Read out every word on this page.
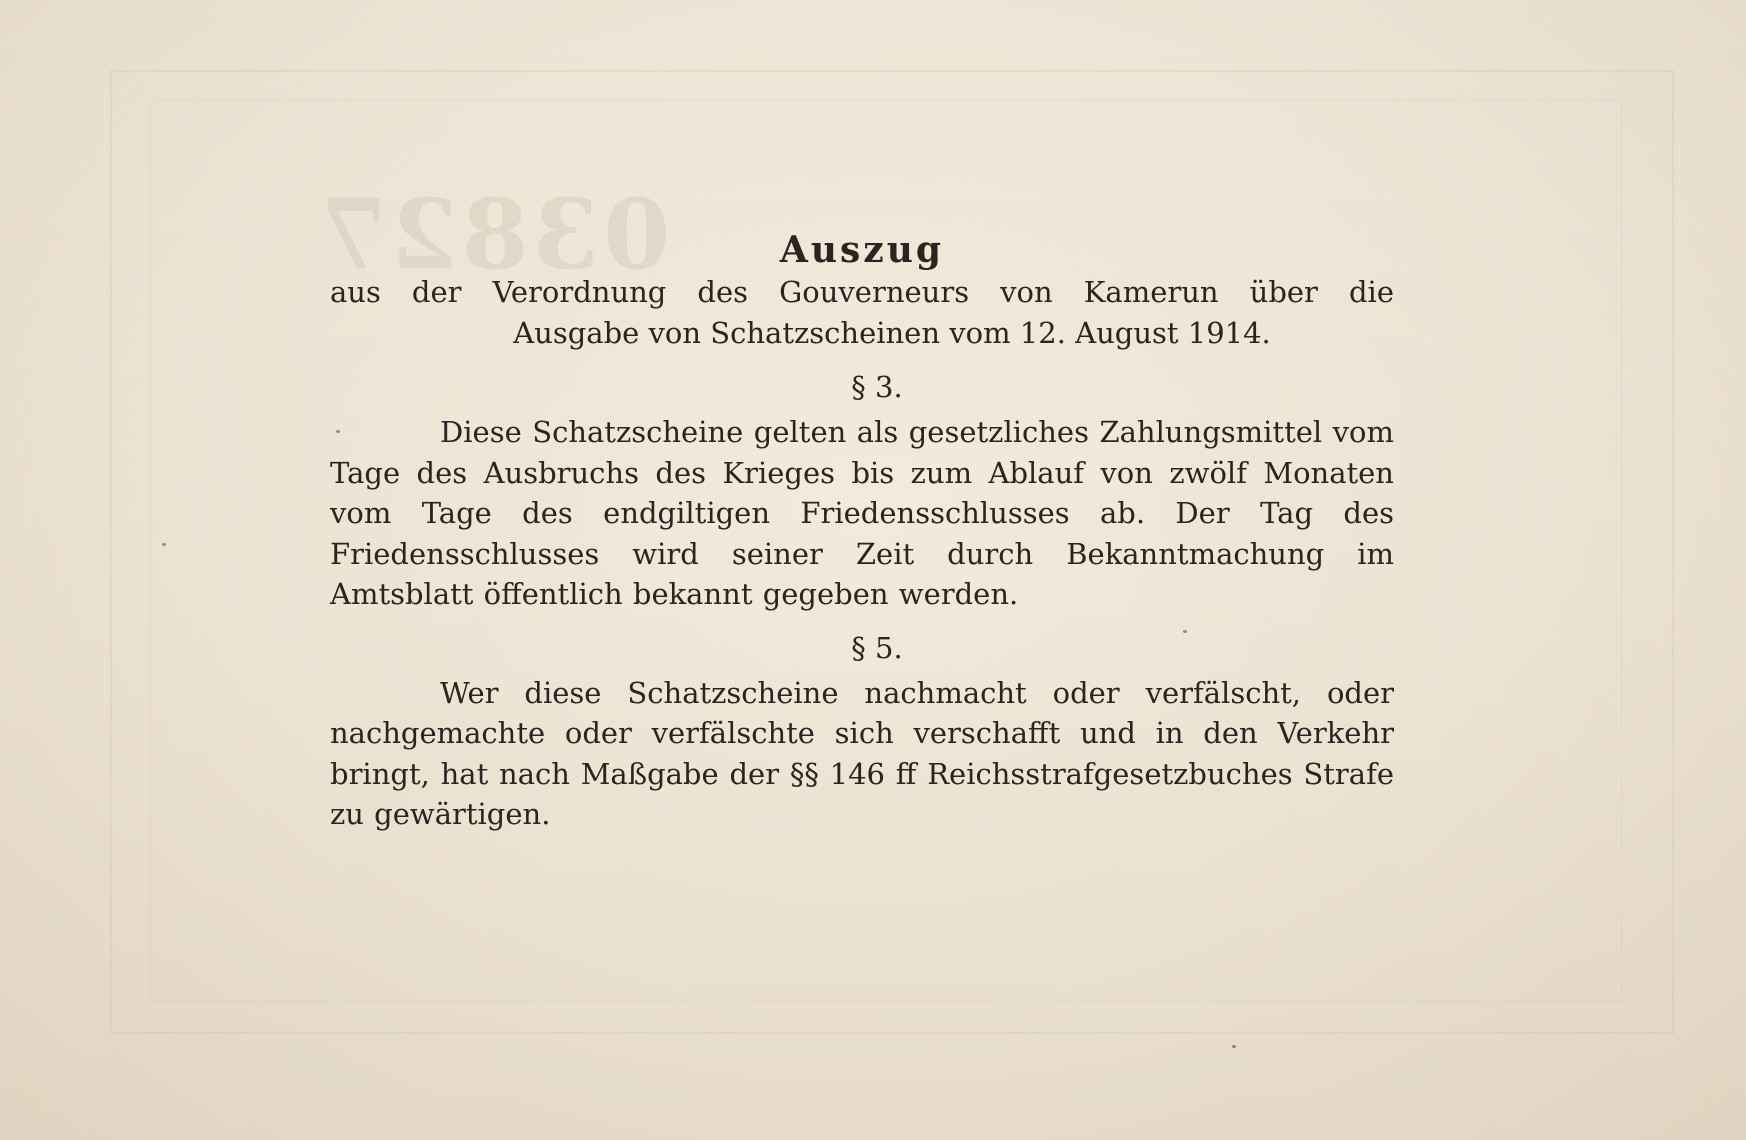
03827	Auszug

aus der Verordnung des Gouverneurs von Kamerun über die
Ausgabe von Schatzscheinen vom 12. August 1914.

§ 3.

Diese Schatzscheine gelten als gesetzliches Zahlungsmittel vom Tage des Ausbruchs des Krieges bis zum Ablauf von zwölf Monaten vom Tage des endgiltigen Friedensschlusses ab. Der Tag des Friedensschlusses wird seiner Zeit durch Bekanntmachung im Amtsblatt öffentlich bekannt gegeben werden.

§ 5.

Wer diese Schatzscheine nachmacht oder verfälscht, oder nachgemachte oder verfälschte sich verschafft und in den Verkehr bringt, hat nach Maßgabe der §§ 146 ff Reichsstrafgesetzbuches Strafe zu gewärtigen.
